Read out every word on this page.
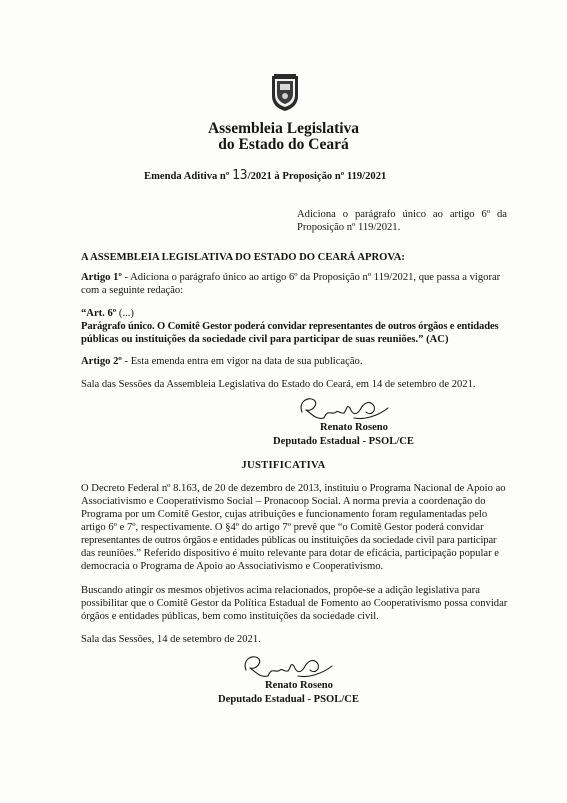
Assembleia Legislativa
do Estado do Ceará
Emenda Aditiva nº 13/2021 à Proposição nº 119/2021
Adiciona o parágrafo único ao artigo 6º da
Proposição nº 119/2021.
A ASSEMBLEIA LEGISLATIVA DO ESTADO DO CEARÁ APROVA:
Artigo 1º - Adiciona o parágrafo único ao artigo 6º da Proposição nº 119/2021, que passa a vigorar
com a seguinte redação:
“Art. 6º (...)
Parágrafo único. O Comitê Gestor poderá convidar representantes de outros órgãos e entidades
públicas ou instituições da sociedade civil para participar de suas reuniões.” (AC)
Artigo 2º - Esta emenda entra em vigor na data de sua publicação.
Sala das Sessões da Assembleia Legislativa do Estado do Ceará, em 14 de setembro de 2021.
Renato Roseno
Deputado Estadual - PSOL/CE
JUSTIFICATIVA
O Decreto Federal nº 8.163, de 20 de dezembro de 2013, instituiu o Programa Nacional de Apoio ao
Associativismo e Cooperativismo Social – Pronacoop Social. A norma previa a coordenação do
Programa por um Comitê Gestor, cujas atribuições e funcionamento foram regulamentadas pelo
artigo 6º e 7º, respectivamente. O §4º do artigo 7º prevê que “o Comitê Gestor poderá convidar
representantes de outros órgãos e entidades públicas ou instituições da sociedade civil para participar
das reuniões.” Referido dispositivo é muito relevante para dotar de eficácia, participação popular e
democracia o Programa de Apoio ao Associativismo e Cooperativismo.
Buscando atingir os mesmos objetivos acima relacionados, propõe-se a adição legislativa para
possibilitar que o Comitê Gestor da Política Estadual de Fomento ao Cooperativismo possa convidar
órgãos e entidades públicas, bem como instituições da sociedade civil.
Sala das Sessões, 14 de setembro de 2021.
Renato Roseno
Deputado Estadual - PSOL/CE
